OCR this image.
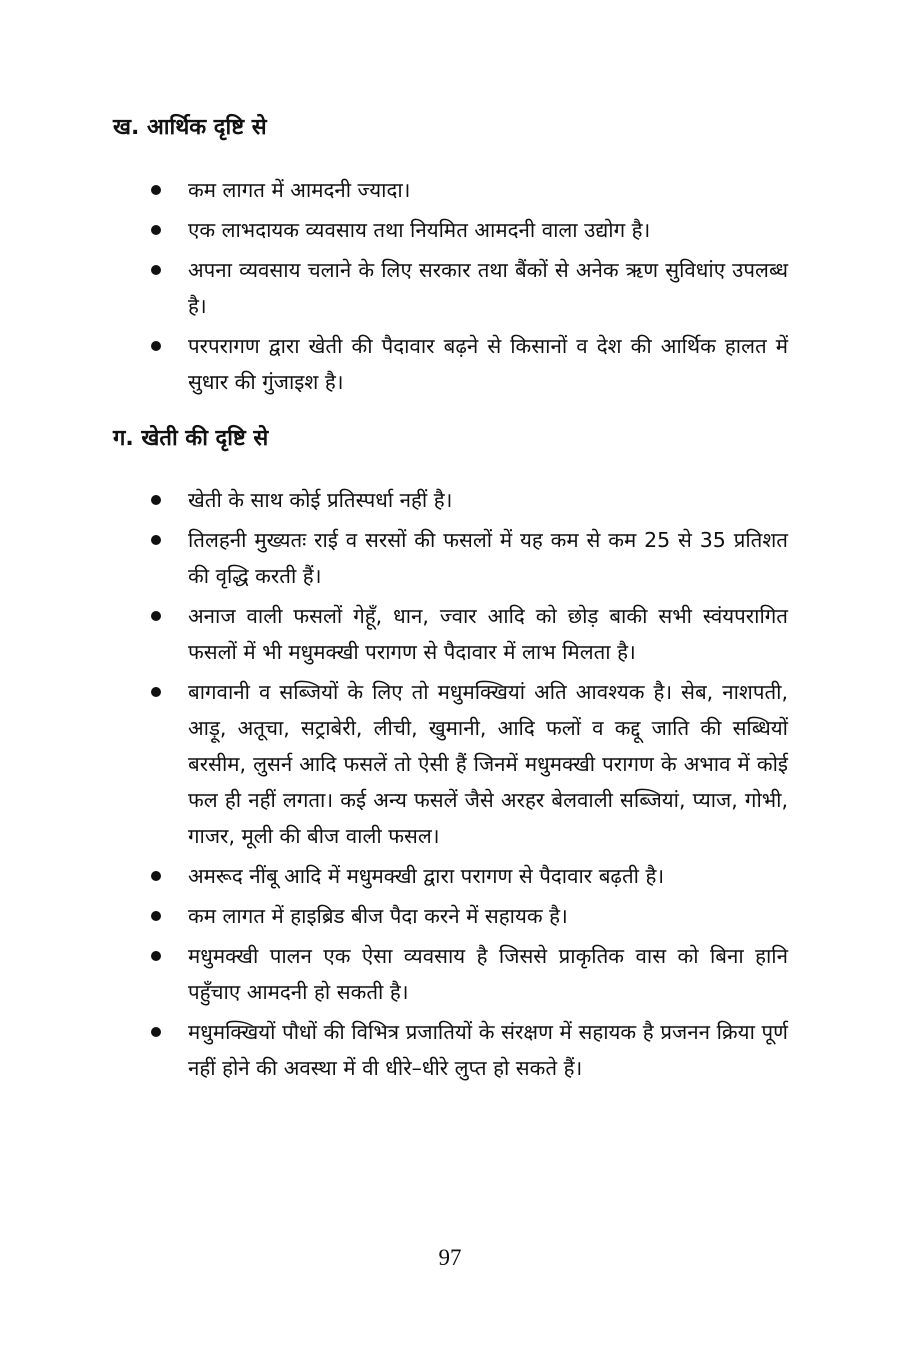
ख. आर्थिक दृष्टि से
कम लागत में आमदनी ज्यादा।
एक लाभदायक व्यवसाय तथा नियमित आमदनी वाला उद्योग है।
अपना व्यवसाय चलाने के लिए सरकार तथा बैंकों से अनेक ऋण सुविधांए उपलब्ध है।
परपरागण द्वारा खेती की पैदावार बढ़ने से किसानों व देश की आर्थिक हालत में सुधार की गुंजाइश है।
ग. खेती की दृष्टि से
खेती के साथ कोई प्रतिस्पर्धा नहीं है।
तिलहनी मुख्यतः राई व सरसों की फसलों में यह कम से कम 25 से 35 प्रतिशत की वृद्धि करती हैं।
अनाज वाली फसलों गेहूँ, धान, ज्वार आदि को छोड़ बाकी सभी स्वंयपरागित फसलों में भी मधुमक्खी परागण से पैदावार में लाभ मिलता है।
बागवानी व सब्जियों के लिए तो मधुमक्खियां अति आवश्यक है। सेब, नाशपती, आड़ू, अतूचा, सट्राबेरी, लीची, खुमानी, आदि फलों व कद्दू जाति की सब्धियों बरसीम, लुसर्न आदि फसलें तो ऐसी हैं जिनमें मधुमक्खी परागण के अभाव में कोई फल ही नहीं लगता। कई अन्य फसलें जैसे अरहर बेलवाली सब्जियां, प्याज, गोभी, गाजर, मूली की बीज वाली फसल।
अमरूद नींबू आदि में मधुमक्खी द्वारा परागण से पैदावार बढ़ती है।
कम लागत में हाइब्रिड बीज पैदा करने में सहायक है।
मधुमक्खी पालन एक ऐसा व्यवसाय है जिससे प्राकृतिक वास को बिना हानि पहुँचाए आमदनी हो सकती है।
मधुमक्खियों पौधों की विभित्र प्रजातियों के संरक्षण में सहायक है प्रजनन क्रिया पूर्ण नहीं होने की अवस्था में वी धीरे–धीरे लुप्त हो सकते हैं।
97
